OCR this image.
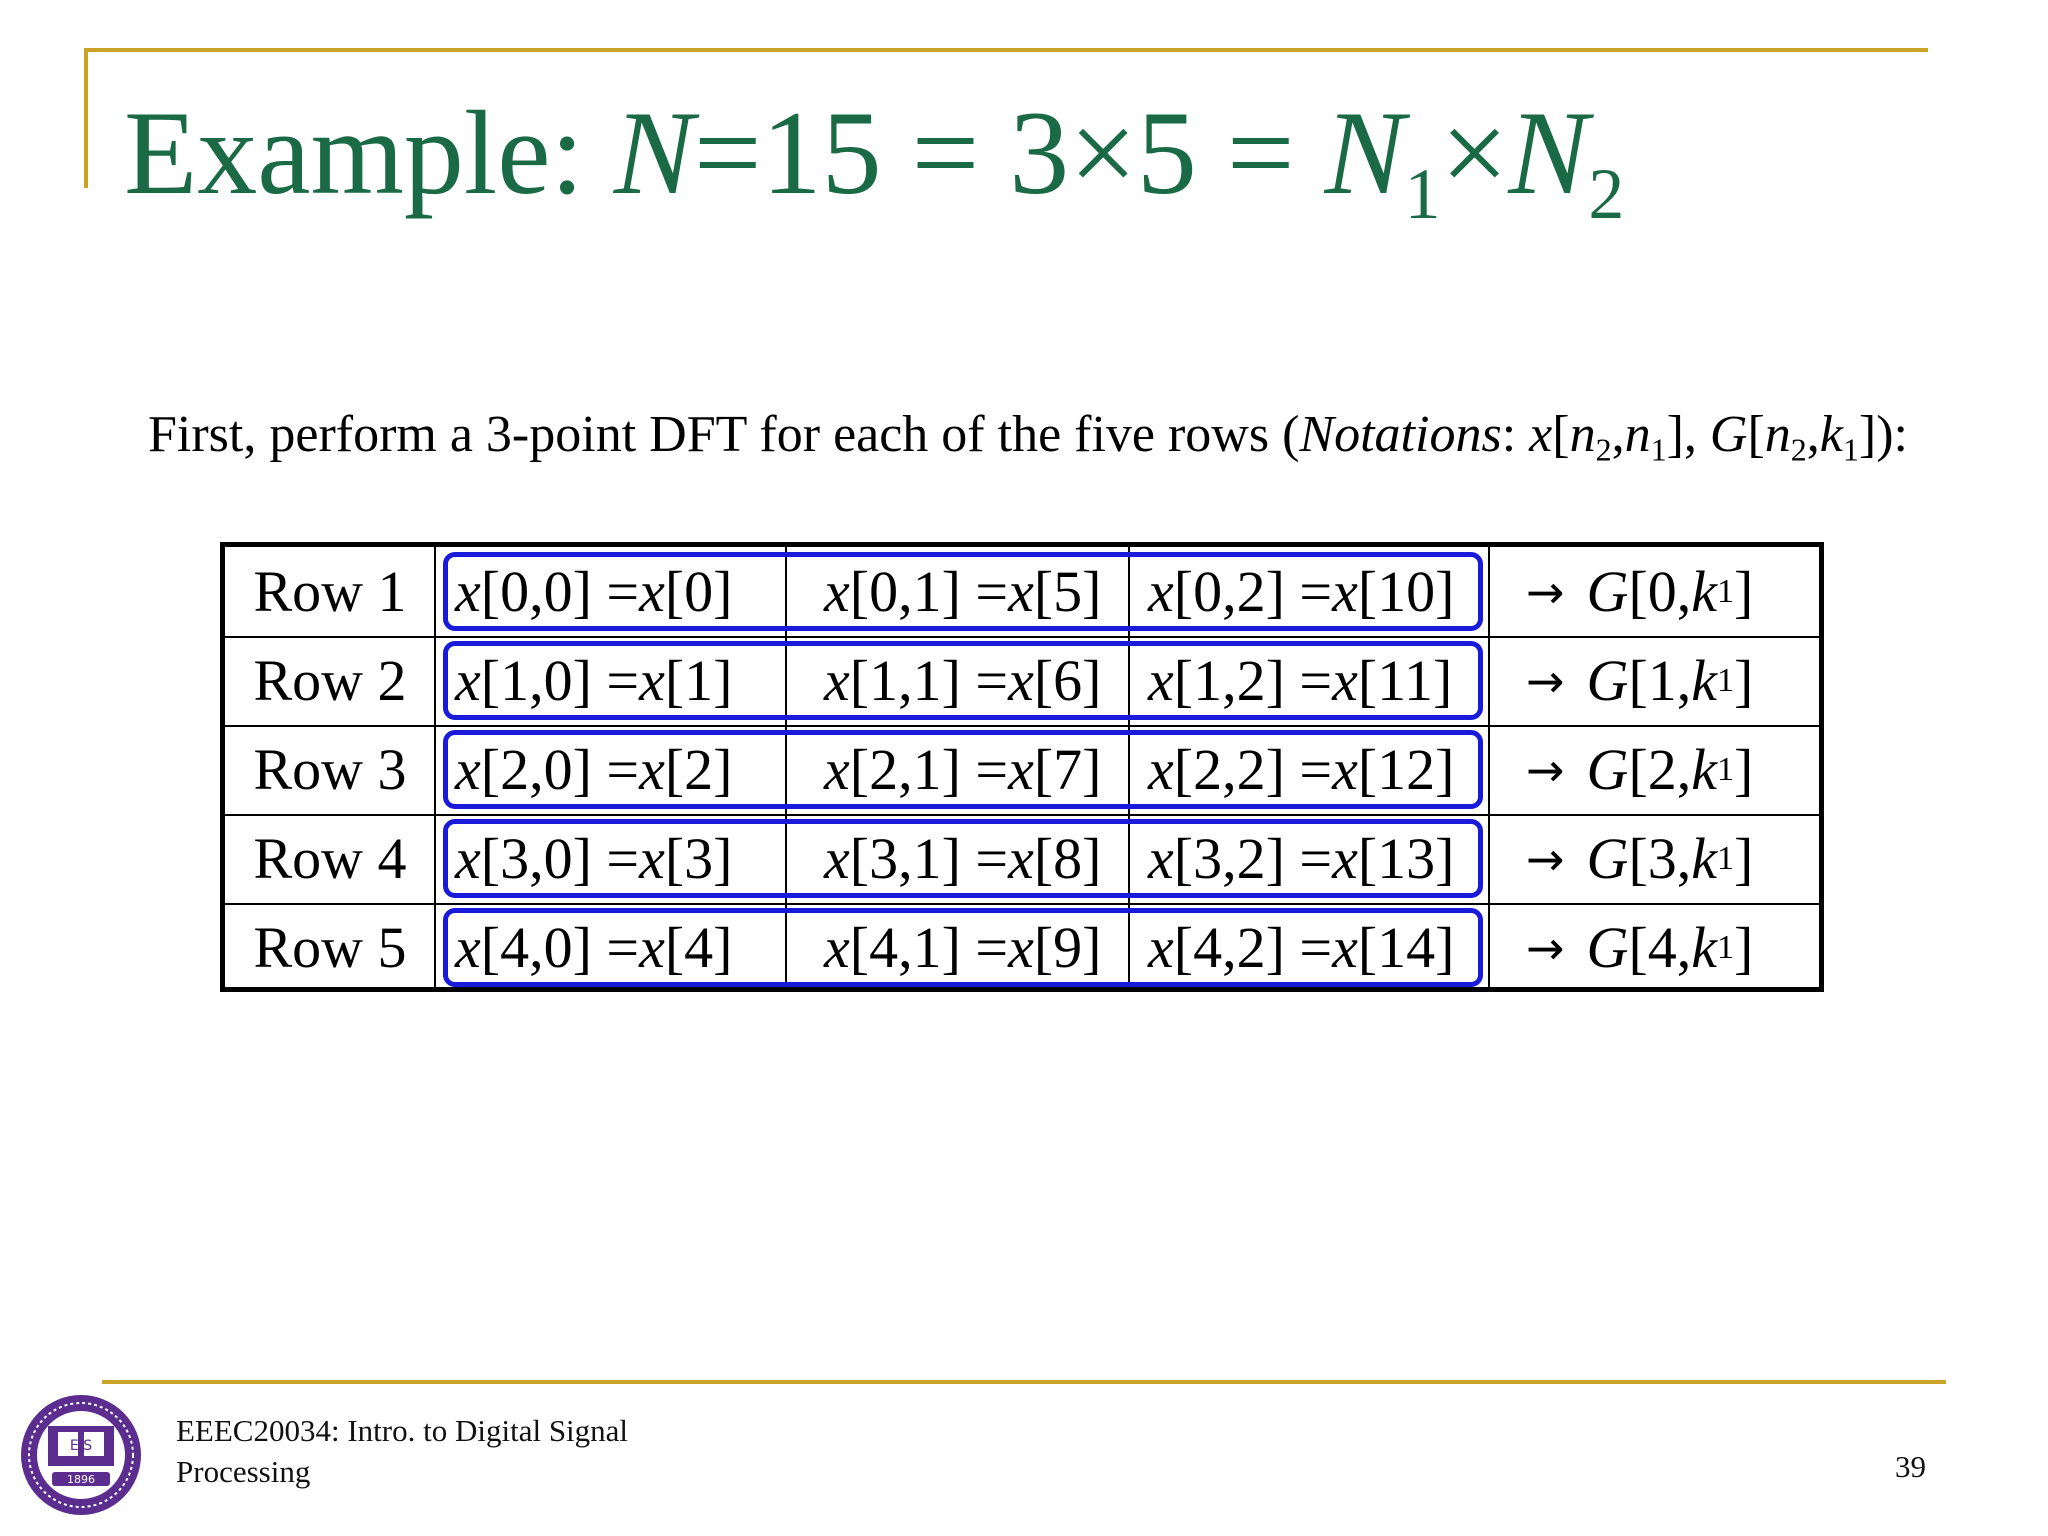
Example: $N=15 = 3\times 5 = N_1\times N_2$
First, perform a 3-point DFT for each of the five rows (Notations: $x[n_2,n_1]$, $G[n_2,k_1]$):
Row 1 x [0,0] = x [0] x [0,1] = x [5] x [0,2] = x [10] → G [0, k 1 ]
Row 2 x [1,0] = x [1] x [1,1] = x [6] x [1,2] = x [11] → G [1, k 1 ]
Row 3 x [2,0] = x [2] x [2,1] = x [7] x [2,2] = x [12] → G [2, k 1 ]
Row 4 x [3,0] = x [3] x [3,1] = x [8] x [3,2] = x [13] → G [3, k 1 ]
Row 5 x [4,0] = x [4] x [4,1] = x [9] x [4,2] = x [14] → G [4, k 1 ]
E S
1896
EEEC20034: Intro. to Digital Signal Processing	39
